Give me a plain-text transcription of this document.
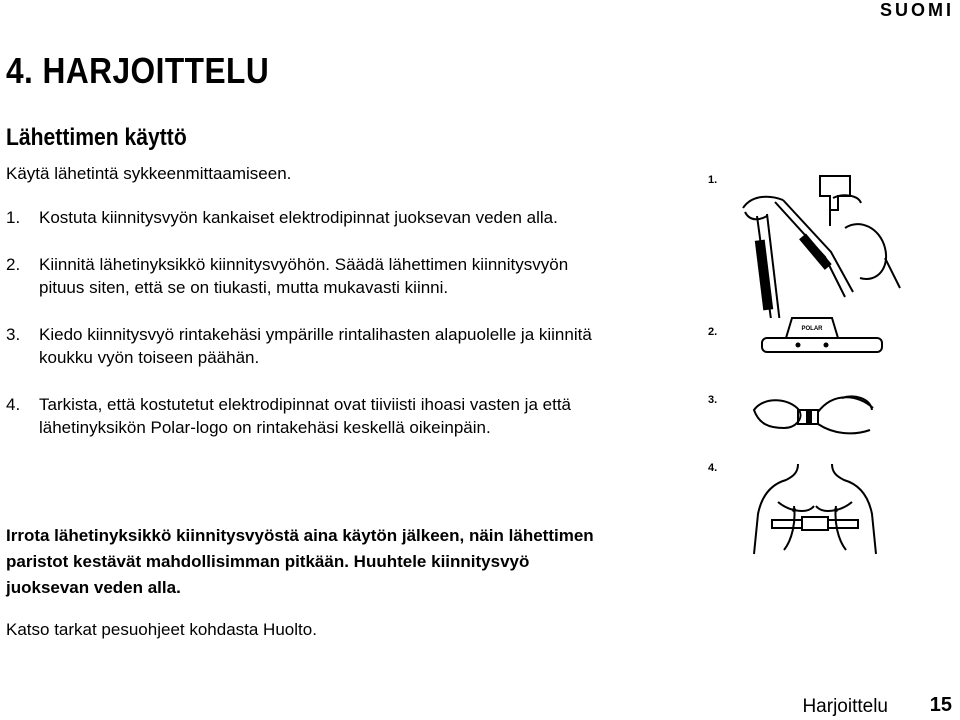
SUOMI
4. HARJOITTELU
Lähettimen käyttö
Käytä lähetintä sykkeenmittaamiseen.
1.	Kostuta kiinnitysvyön kankaiset elektrodipinnat juoksevan veden alla.
2.	Kiinnitä lähetinyksikkö kiinnitysvyöhön. Säädä lähettimen kiinnitysvyön pituus siten, että se on tiukasti, mutta mukavasti kiinni.
3.	Kiedo kiinnitysvyö rintakehäsi ympärille rintalihasten alapuolelle ja kiinnitä koukku vyön toiseen päähän.
4.	Tarkista, että kostutetut elektrodipinnat ovat tiiviisti ihoasi vasten ja että lähetinyksikön Polar-logo on rintakehäsi keskellä oikeinpäin.
Irrota lähetinyksikkö kiinnitysvyöstä aina käytön jälkeen, näin lähettimen paristot kestävät mahdollisimman pitkään. Huuhtele kiinnitysvyö juoksevan veden alla.
Katso tarkat pesuohjeet kohdasta Huolto.
1.
2.
3.
4.
POLAR
Harjoittelu 15
